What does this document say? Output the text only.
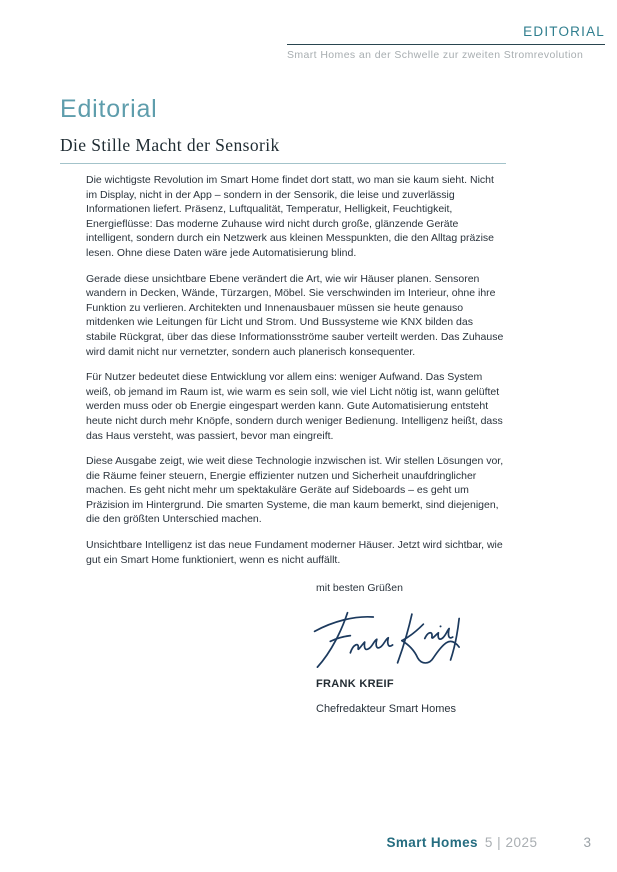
EDITORIAL
Smart Homes an der Schwelle zur zweiten Stromrevolution
Editorial
Die Stille Macht der Sensorik

Die wichtigste Revolution im Smart Home findet dort statt, wo man sie kaum sieht. Nicht im Display, nicht in der App – sondern in der Sensorik, die leise und zuverlässig Informationen liefert. Präsenz, Luftqualität, Temperatur, Helligkeit, Feuchtigkeit, Energieflüsse: Das moderne Zuhause wird nicht durch große, glänzende Geräte intelligent, sondern durch ein Netzwerk aus kleinen Messpunkten, die den Alltag präzise lesen. Ohne diese Daten wäre jede Automatisierung blind.

Gerade diese unsichtbare Ebene verändert die Art, wie wir Häuser planen. Sensoren wandern in Decken, Wände, Türzargen, Möbel. Sie verschwinden im Interieur, ohne ihre Funktion zu verlieren. Architekten und Innenausbauer müssen sie heute genauso mitdenken wie Leitungen für Licht und Strom. Und Bussysteme wie KNX bilden das stabile Rückgrat, über das diese Informationsströme sauber verteilt werden. Das Zuhause wird damit nicht nur vernetzter, sondern auch planerisch konsequenter.

Für Nutzer bedeutet diese Entwicklung vor allem eins: weniger Aufwand. Das System weiß, ob jemand im Raum ist, wie warm es sein soll, wie viel Licht nötig ist, wann gelüftet werden muss oder ob Energie eingespart werden kann. Gute Automatisierung entsteht heute nicht durch mehr Knöpfe, sondern durch weniger Bedienung. Intelligenz heißt, dass das Haus versteht, was passiert, bevor man eingreift.

Diese Ausgabe zeigt, wie weit diese Technologie inzwischen ist. Wir stellen Lösungen vor, die Räume feiner steuern, Energie effizienter nutzen und Sicherheit unaufdringlicher machen. Es geht nicht mehr um spektakuläre Geräte auf Sideboards – es geht um Präzision im Hintergrund. Die smarten Systeme, die man kaum bemerkt, sind diejenigen, die den größten Unterschied machen.

Unsichtbare Intelligenz ist das neue Fundament moderner Häuser. Jetzt wird sichtbar, wie gut ein Smart Home funktioniert, wenn es nicht auffällt.

mit besten Grüßen

FRANK KREIF

Chefredakteur Smart Homes

Smart Homes 5 | 2025	3
